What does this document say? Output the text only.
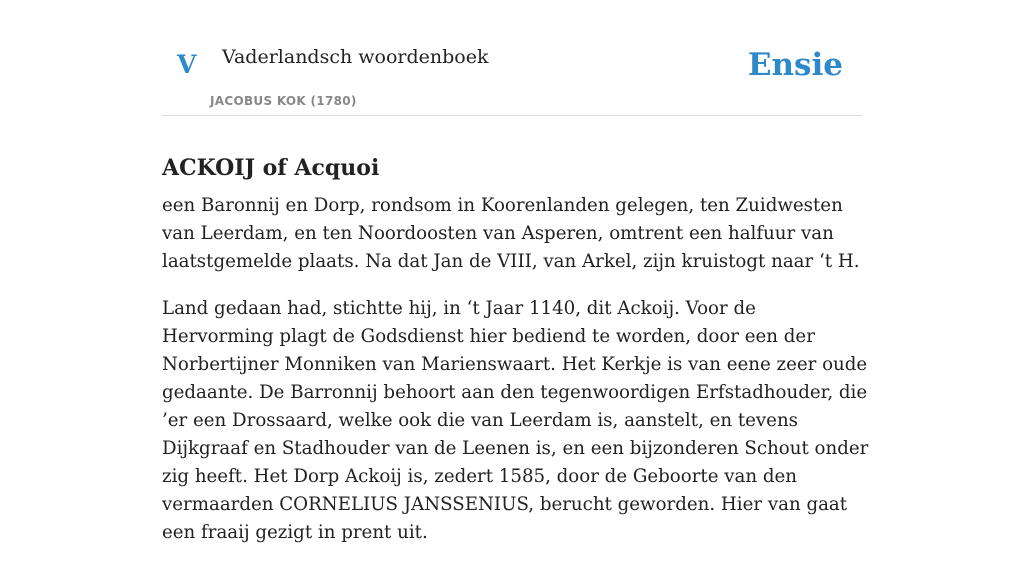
V Vaderlandsch woordenboek
JACOBUS KOK (1780)
Ensie
ACKOIJ of Acquoi

een Baronnij en Dorp, rondsom in Koorenlanden gelegen, ten Zuidwesten van Leerdam, en ten Noordoosten van Asperen, omtrent een halfuur van laatstgemelde plaats. Na dat Jan de VIII, van Arkel, zijn kruistogt naar ‘t H.

Land gedaan had, stichtte hij, in ‘t Jaar 1140, dit Ackoij. Voor de Hervorming plagt de Godsdienst hier bediend te worden, door een der Norbertijner Monniken van Marienswaart. Het Kerkje is van eene zeer oude gedaante. De Barronnij behoort aan den tegenwoordigen Erfstadhouder, die ’er een Drossaard, welke ook die van Leerdam is, aanstelt, en tevens Dijkgraaf en Stadhouder van de Leenen is, en een bijzonderen Schout onder zig heeft. Het Dorp Ackoij is, zedert 1585, door de Geboorte van den vermaarden CORNELIUS JANSSENIUS, berucht geworden. Hier van gaat een fraaij gezigt in prent uit.
